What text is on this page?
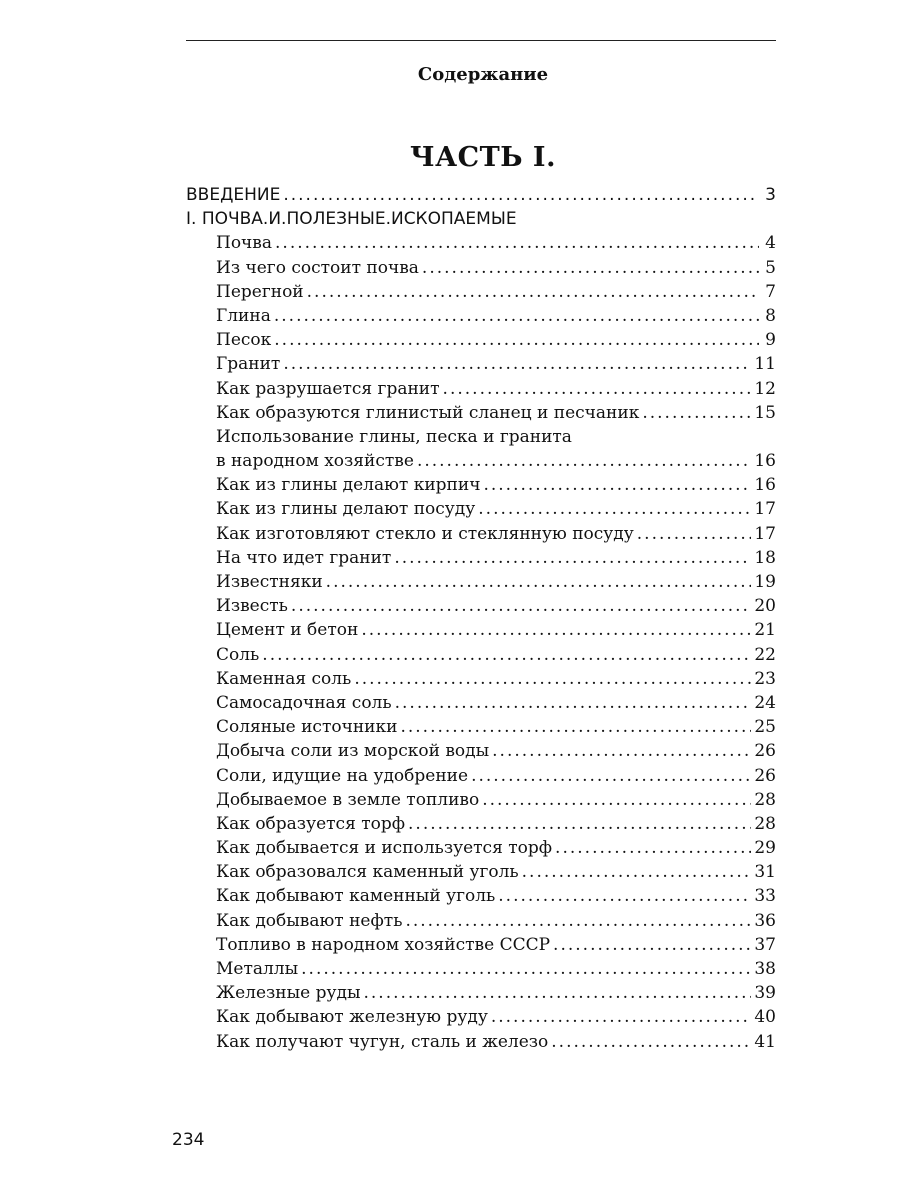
Содержание
ЧАСТЬ I.
ВВЕДЕНИЕ .....	3
I. ПОЧВА.И.ПОЛЕЗНЫЕ.ИСКОПАЕМЫЕ
Почва .....	4
Из чего состоит почва .....	5
Перегной .....	7
Глина .....	8
Песок .....	9
Гранит .....	11
Как разрушается гранит .....	12
Как образуются глинистый сланец и песчаник .....	15
Использование глины, песка и гранита
в народном хозяйстве .....	16
Как из глины делают кирпич .....	16
Как из глины делают посуду .....	17
Как изготовляют стекло и стеклянную посуду .....	17
На что идет гранит .....	18
Известняки .....	19
Известь .....	20
Цемент и бетон .....	21
Соль .....	22
Каменная соль .....	23
Самосадочная соль .....	24
Соляные источники .....	25
Добыча соли из морской воды .....	26
Соли, идущие на удобрение .....	26
Добываемое в земле топливо .....	28
Как образуется торф .....	28
Как добывается и используется торф .....	29
Как образовался каменный уголь .....	31
Как добывают каменный уголь .....	33
Как добывают нефть .....	36
Топливо в народном хозяйстве СССР .....	37
Металлы .....	38
Железные руды .....	39
Как добывают железную руду .....	40
Как получают чугун, сталь и железо .....	41
234
